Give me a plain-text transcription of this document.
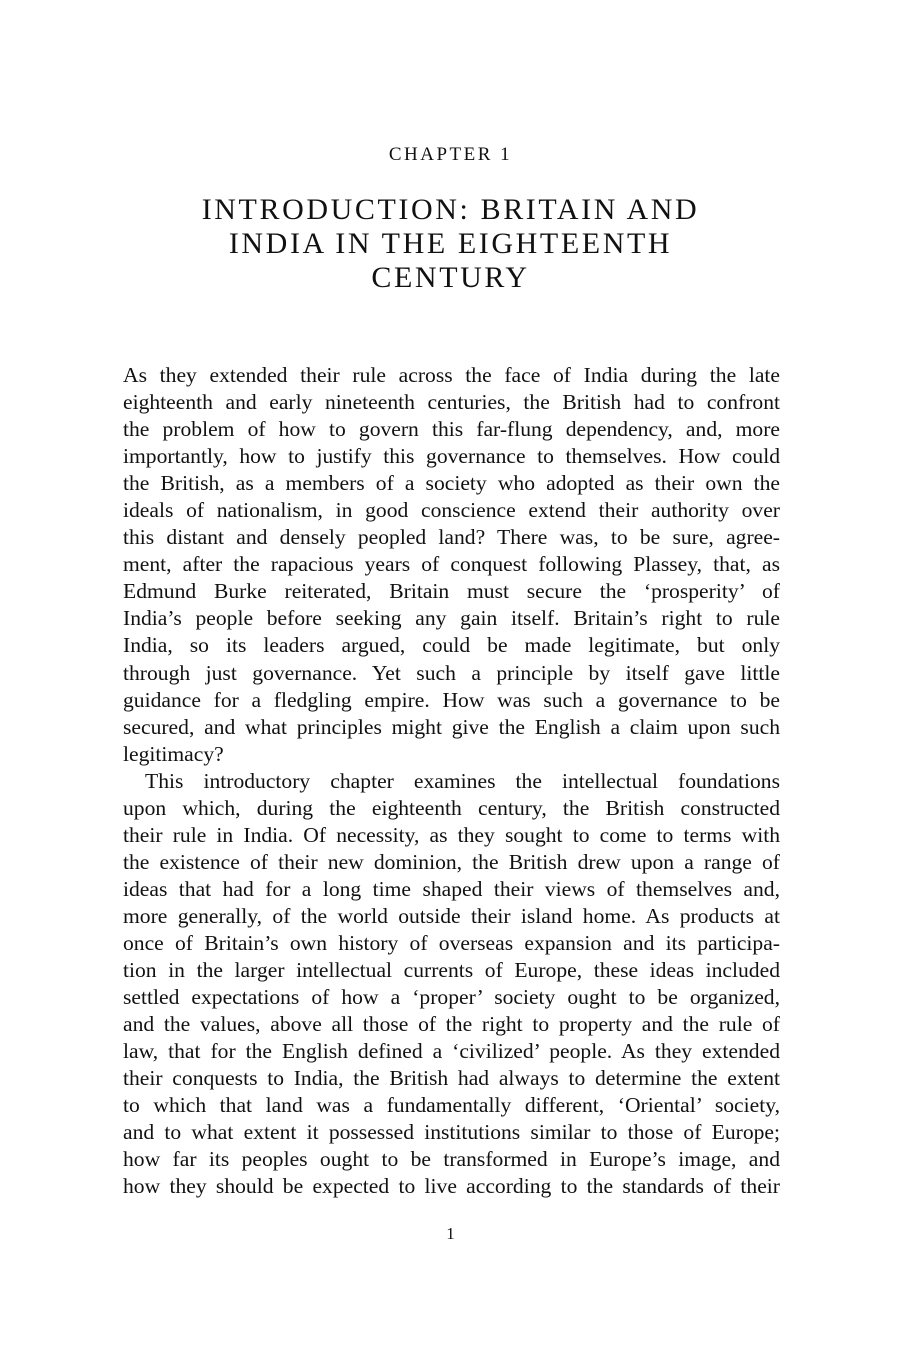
CHAPTER 1
INTRODUCTION: BRITAIN AND
INDIA IN THE EIGHTEENTH
CENTURY
As they extended their rule across the face of India during the late
eighteenth and early nineteenth centuries, the British had to confront
the problem of how to govern this far-flung dependency, and, more
importantly, how to justify this governance to themselves. How could
the British, as a members of a society who adopted as their own the
ideals of nationalism, in good conscience extend their authority over
this distant and densely peopled land? There was, to be sure, agree-
ment, after the rapacious years of conquest following Plassey, that, as
Edmund Burke reiterated, Britain must secure the ‘prosperity’ of
India’s people before seeking any gain itself. Britain’s right to rule
India, so its leaders argued, could be made legitimate, but only
through just governance. Yet such a principle by itself gave little
guidance for a fledgling empire. How was such a governance to be
secured, and what principles might give the English a claim upon such
legitimacy?
This introductory chapter examines the intellectual foundations
upon which, during the eighteenth century, the British constructed
their rule in India. Of necessity, as they sought to come to terms with
the existence of their new dominion, the British drew upon a range of
ideas that had for a long time shaped their views of themselves and,
more generally, of the world outside their island home. As products at
once of Britain’s own history of overseas expansion and its participa-
tion in the larger intellectual currents of Europe, these ideas included
settled expectations of how a ‘proper’ society ought to be organized,
and the values, above all those of the right to property and the rule of
law, that for the English defined a ‘civilized’ people. As they extended
their conquests to India, the British had always to determine the extent
to which that land was a fundamentally different, ‘Oriental’ society,
and to what extent it possessed institutions similar to those of Europe;
how far its peoples ought to be transformed in Europe’s image, and
how they should be expected to live according to the standards of their
1
